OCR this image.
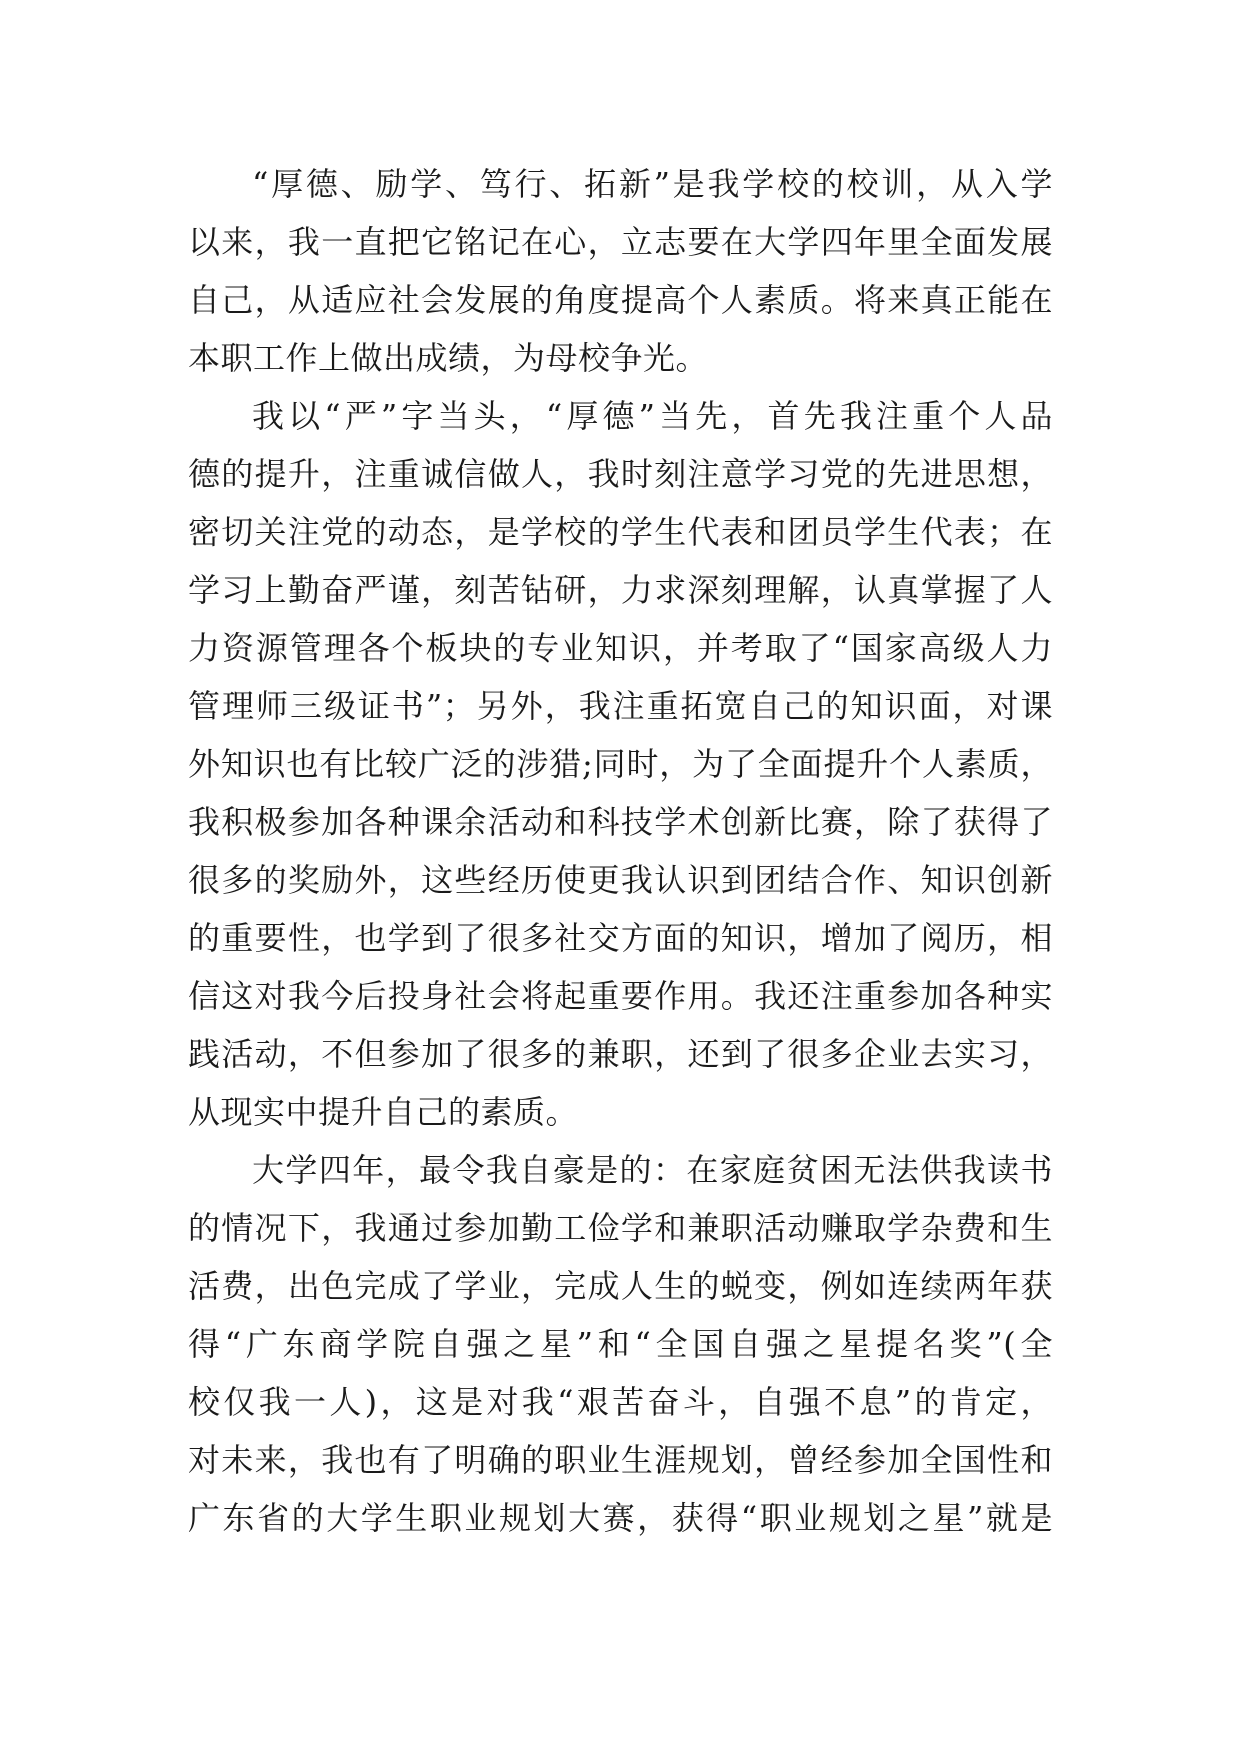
“厚德、励学、笃行、拓新”是我学校的校训，从入学
以来，我一直把它铭记在心，立志要在大学四年里全面发展
自己，从适应社会发展的角度提高个人素质。将来真正能在
本职工作上做出成绩，为母校争光。
我以“严”字当头，“厚德”当先，首先我注重个人品
德的提升，注重诚信做人，我时刻注意学习党的先进思想，
密切关注党的动态，是学校的学生代表和团员学生代表；在
学习上勤奋严谨，刻苦钻研，力求深刻理解，认真掌握了人
力资源管理各个板块的专业知识，并考取了“国家高级人力
管理师三级证书”；另外，我注重拓宽自己的知识面，对课
外知识也有比较广泛的涉猎;同时，为了全面提升个人素质，
我积极参加各种课余活动和科技学术创新比赛，除了获得了
很多的奖励外，这些经历使更我认识到团结合作、知识创新
的重要性，也学到了很多社交方面的知识，增加了阅历，相
信这对我今后投身社会将起重要作用。我还注重参加各种实
践活动，不但参加了很多的兼职，还到了很多企业去实习，
从现实中提升自己的素质。
大学四年，最令我自豪是的：在家庭贫困无法供我读书
的情况下，我通过参加勤工俭学和兼职活动赚取学杂费和生
活费，出色完成了学业，完成人生的蜕变，例如连续两年获
得“广东商学院自强之星”和“全国自强之星提名奖”(全
校仅我一人)，这是对我“艰苦奋斗，自强不息”的肯定，
对未来，我也有了明确的职业生涯规划，曾经参加全国性和
广东省的大学生职业规划大赛，获得“职业规划之星”就是
